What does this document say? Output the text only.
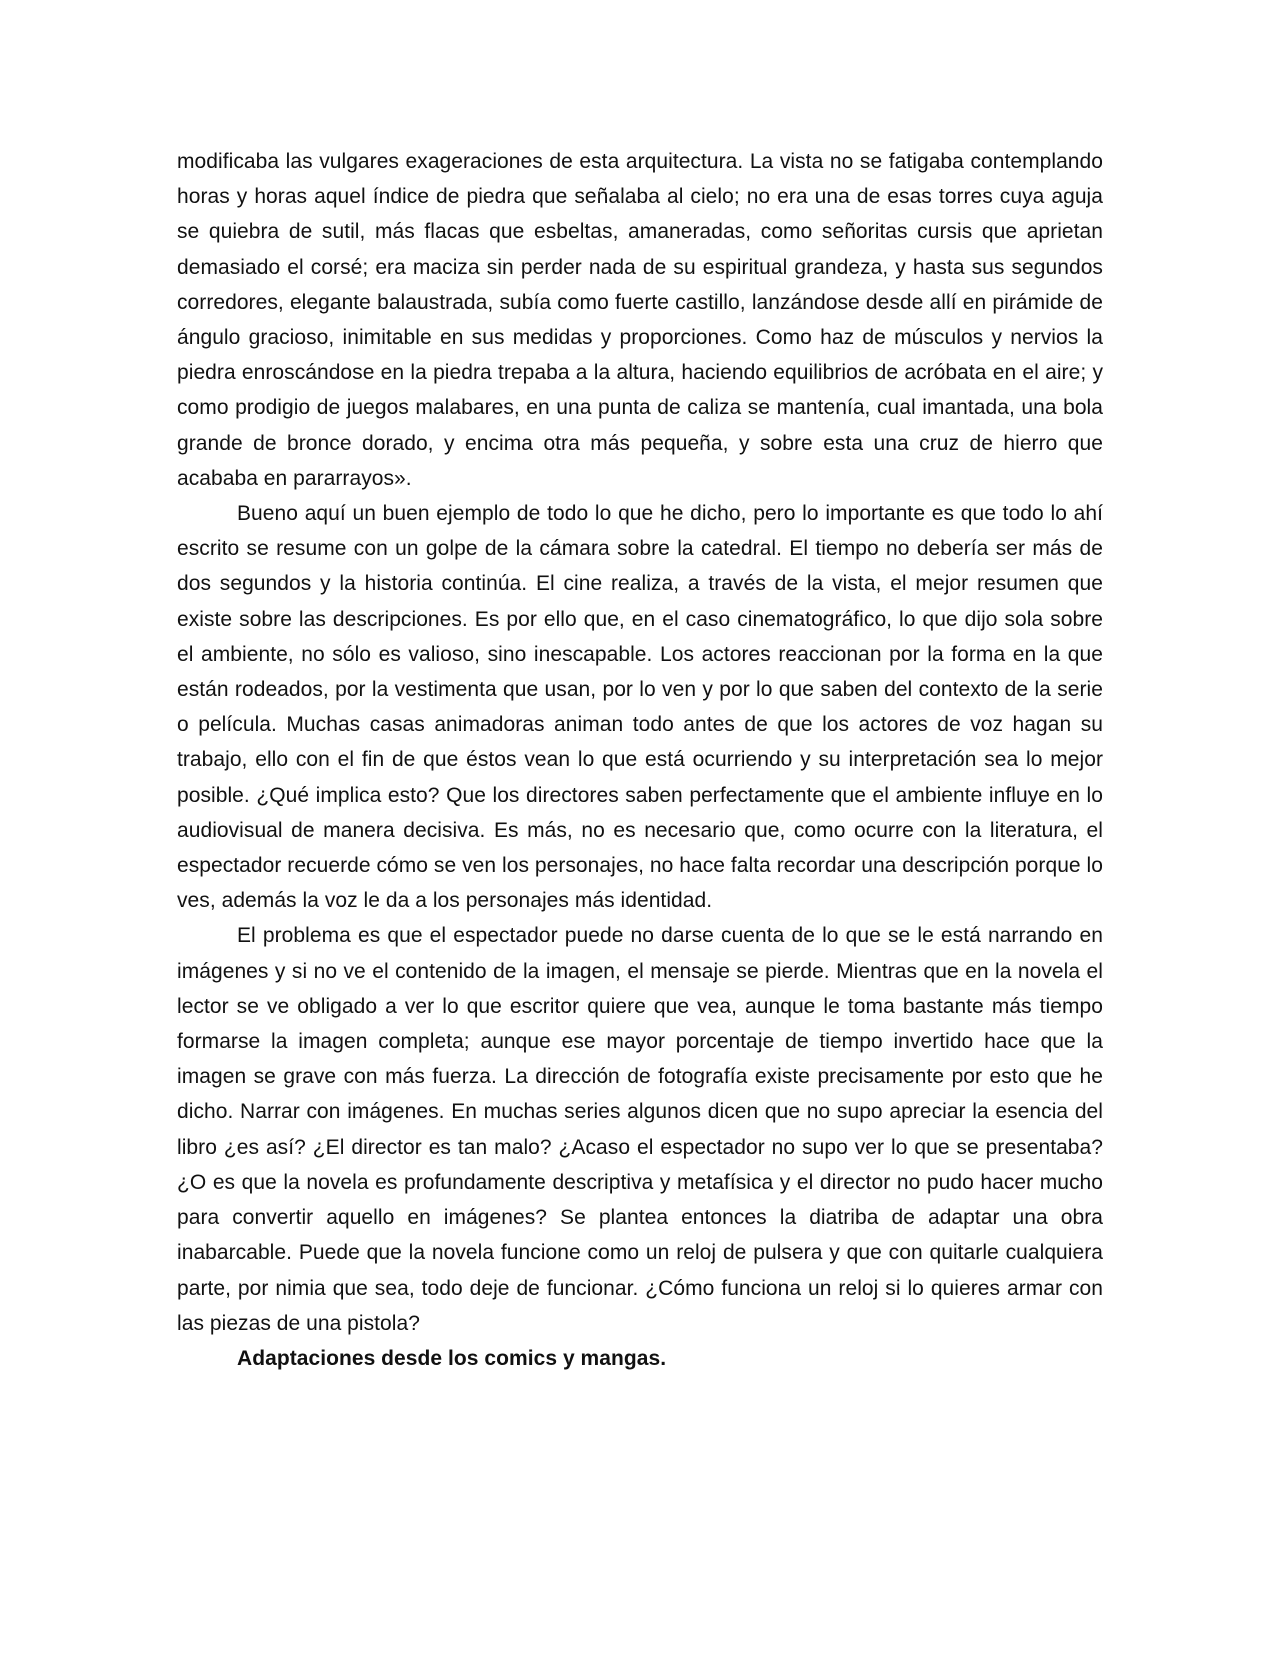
modificaba las vulgares exageraciones de esta arquitectura. La vista no se fatigaba contemplando horas y horas aquel índice de piedra que señalaba al cielo; no era una de esas torres cuya aguja se quiebra de sutil, más flacas que esbeltas, amaneradas, como señoritas cursis que aprietan demasiado el corsé; era maciza sin perder nada de su espiritual grandeza, y hasta sus segundos corredores, elegante balaustrada, subía como fuerte castillo, lanzándose desde allí en pirámide de ángulo gracioso, inimitable en sus medidas y proporciones. Como haz de músculos y nervios la piedra enroscándose en la piedra trepaba a la altura, haciendo equilibrios de acróbata en el aire; y como prodigio de juegos malabares, en una punta de caliza se mantenía, cual imantada, una bola grande de bronce dorado, y encima otra más pequeña, y sobre esta una cruz de hierro que acababa en pararrayos».

Bueno aquí un buen ejemplo de todo lo que he dicho, pero lo importante es que todo lo ahí escrito se resume con un golpe de la cámara sobre la catedral. El tiempo no debería ser más de dos segundos y la historia continúa. El cine realiza, a través de la vista, el mejor resumen que existe sobre las descripciones. Es por ello que, en el caso cinematográfico, lo que dijo sola sobre el ambiente, no sólo es valioso, sino inescapable. Los actores reaccionan por la forma en la que están rodeados, por la vestimenta que usan, por lo ven y por lo que saben del contexto de la serie o película. Muchas casas animadoras animan todo antes de que los actores de voz hagan su trabajo, ello con el fin de que éstos vean lo que está ocurriendo y su interpretación sea lo mejor posible. ¿Qué implica esto? Que los directores saben perfectamente que el ambiente influye en lo audiovisual de manera decisiva. Es más, no es necesario que, como ocurre con la literatura, el espectador recuerde cómo se ven los personajes, no hace falta recordar una descripción porque lo ves, además la voz le da a los personajes más identidad.

El problema es que el espectador puede no darse cuenta de lo que se le está narrando en imágenes y si no ve el contenido de la imagen, el mensaje se pierde. Mientras que en la novela el lector se ve obligado a ver lo que escritor quiere que vea, aunque le toma bastante más tiempo formarse la imagen completa; aunque ese mayor porcentaje de tiempo invertido hace que la imagen se grave con más fuerza. La dirección de fotografía existe precisamente por esto que he dicho. Narrar con imágenes. En muchas series algunos dicen que no supo apreciar la esencia del libro ¿es así? ¿El director es tan malo? ¿Acaso el espectador no supo ver lo que se presentaba? ¿O es que la novela es profundamente descriptiva y metafísica y el director no pudo hacer mucho para convertir aquello en imágenes? Se plantea entonces la diatriba de adaptar una obra inabarcable. Puede que la novela funcione como un reloj de pulsera y que con quitarle cualquiera parte, por nimia que sea, todo deje de funcionar. ¿Cómo funciona un reloj si lo quieres armar con las piezas de una pistola?

Adaptaciones desde los comics y mangas.
